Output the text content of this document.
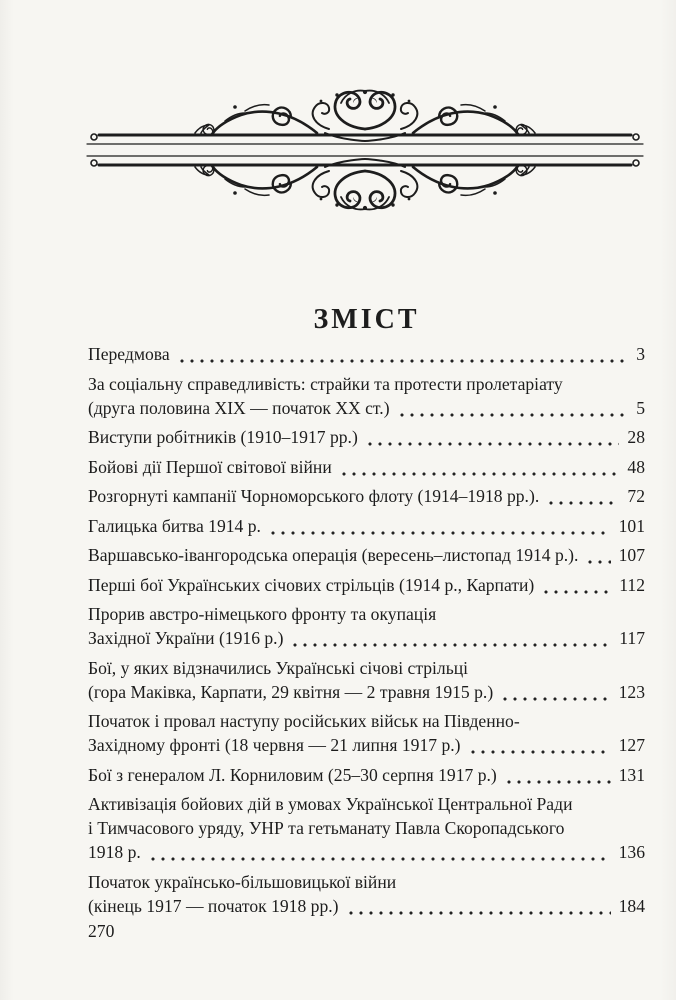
ЗМІСТ
Передмова	3
За соціальну справедливість: страйки та протести пролетаріату
(друга половина XIX — початок XX ст.)	5
Виступи робітників (1910–1917 рр.)	28
Бойові дії Першої світової війни	48
Розгорнуті кампанії Чорноморського флоту (1914–1918 рр.).	72
Галицька битва 1914 р.	101
Варшавсько-івангородська операція (вересень–листопад 1914 р.). 107
Перші бої Українських січових стрільців (1914 р., Карпати)	112
Прорив австро-німецького фронту та окупація
Західної України (1916 р.)	117
Бої, у яких відзначились Українські січові стрільці
(гора Маківка, Карпати, 29 квітня — 2 травня 1915 р.)	123
Початок і провал наступу російських військ на Південно-
Західному фронті (18 червня — 21 липня 1917 р.)	127
Бої з генералом Л. Корниловим (25–30 серпня 1917 р.)	131
Активізація бойових дій в умовах Української Центральної Ради
і Тимчасового уряду, УНР та гетьманату Павла Скоропадського
1918 р.	136
Початок українсько-більшовицької війни
(кінець 1917 — початок 1918 рр.)	184
270
